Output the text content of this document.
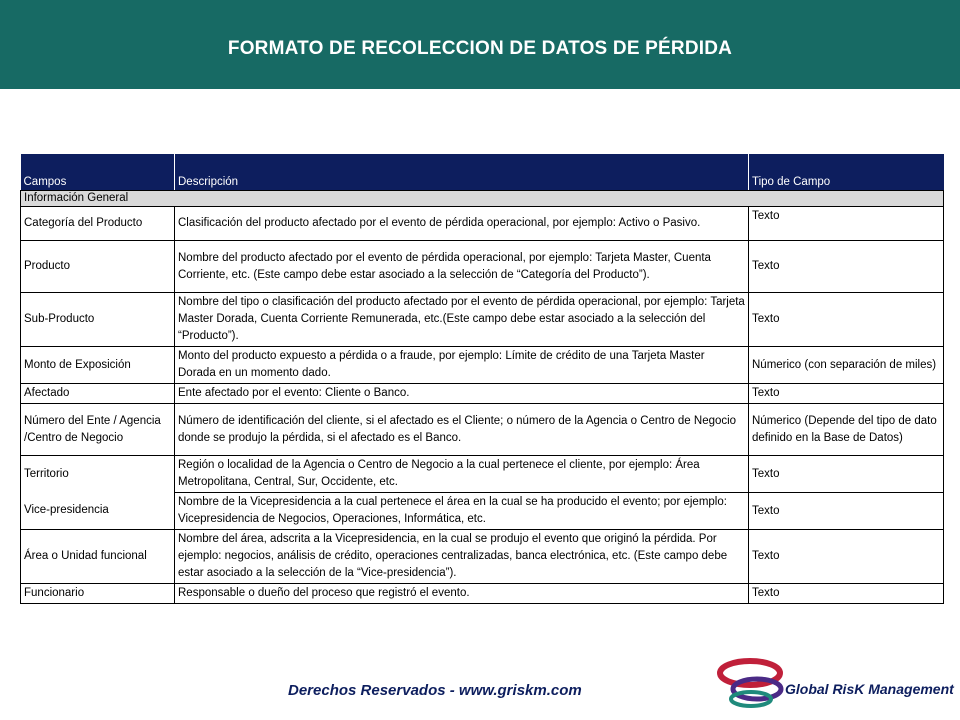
FORMATO DE RECOLECCION DE DATOS DE PÉRDIDA
Campos	Descripción	Tipo de Campo
Información General		
Categoría del Producto	Clasificación del producto afectado por el evento de pérdida operacional, por ejemplo: Activo o Pasivo.	Texto
Producto	Nombre del producto afectado por el evento de pérdida operacional, por ejemplo: Tarjeta Master, Cuenta Corriente, etc. (Este campo debe estar asociado a la selección de “Categoría del Producto”).	Texto
Sub-Producto	Nombre del tipo o clasificación del producto afectado por el evento de pérdida operacional, por ejemplo: Tarjeta Master Dorada, Cuenta Corriente Remunerada, etc.(Este campo debe estar asociado a la selección del “Producto”).	Texto
Monto de Exposición	Monto del producto expuesto a pérdida o a fraude, por ejemplo: Límite de crédito de una Tarjeta Master Dorada en un momento dado.	Númerico (con separación de miles)
Afectado	Ente afectado por el evento: Cliente o Banco.	Texto
Número del Ente / Agencia /Centro de Negocio	Número de identificación del cliente, si el afectado es el Cliente; o número de la Agencia o Centro de Negocio donde se produjo la pérdida, si el afectado es el Banco.	Númerico (Depende del tipo de dato definido en la Base de Datos)
Territorio	Región o localidad de la Agencia o Centro de Negocio a la cual pertenece el cliente, por ejemplo: Área Metropolitana, Central, Sur, Occidente, etc.	Texto
Vice-presidencia	Nombre de la Vicepresidencia a la cual pertenece el área en la cual se ha producido el evento; por ejemplo: Vicepresidencia de Negocios, Operaciones, Informática, etc.	Texto
Área o Unidad funcional	Nombre del área, adscrita a la Vicepresidencia, en la cual se produjo el evento que originó la pérdida. Por ejemplo: negocios, análisis de crédito, operaciones centralizadas, banca electrónica, etc. (Este campo debe estar asociado a la selección de la “Vice-presidencia”).	Texto
Funcionario	Responsable o dueño del proceso que registró el evento.	Texto
Derechos Reservados - www.griskm.com	Global RisK Management
